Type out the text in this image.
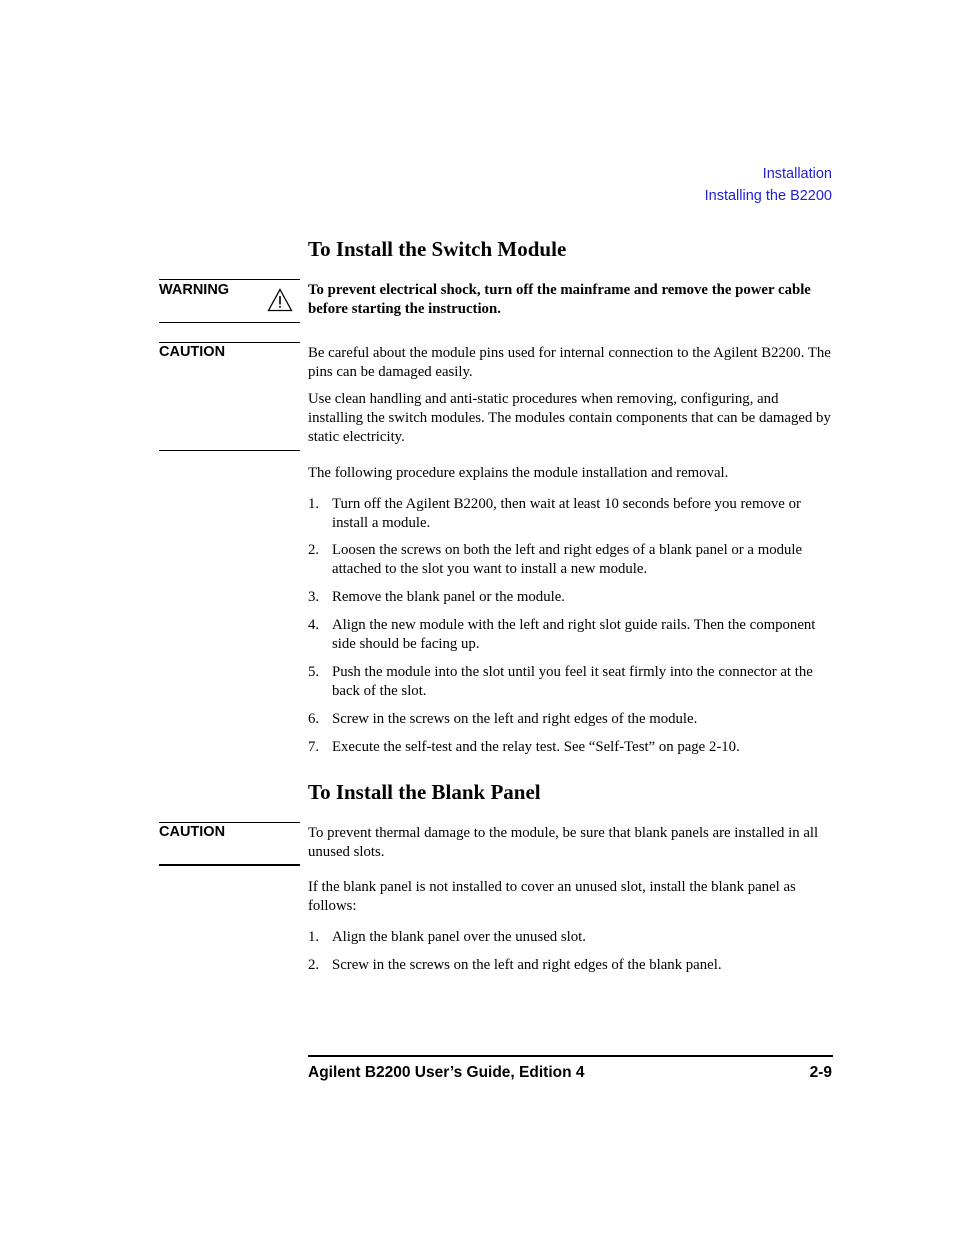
Installation
Installing the B2200
To Install the Switch Module
WARNING	To prevent electrical shock, turn off the mainframe and remove the power cable before starting the instruction.

CAUTION	Be careful about the module pins used for internal connection to the Agilent B2200. The pins can be damaged easily.

Use clean handling and anti-static procedures when removing, configuring, and installing the switch modules. The modules contain components that can be damaged by static electricity.

The following procedure explains the module installation and removal.

1. Turn off the Agilent B2200, then wait at least 10 seconds before you remove or install a module.
2. Loosen the screws on both the left and right edges of a blank panel or a module attached to the slot you want to install a new module.
3. Remove the blank panel or the module.
4. Align the new module with the left and right slot guide rails. Then the component side should be facing up.
5. Push the module into the slot until you feel it seat firmly into the connector at the back of the slot.
6. Screw in the screws on the left and right edges of the module.
7. Execute the self-test and the relay test. See “Self-Test” on page 2-10.
To Install the Blank Panel
CAUTION	To prevent thermal damage to the module, be sure that blank panels are installed in all unused slots.

If the blank panel is not installed to cover an unused slot, install the blank panel as follows:

1. Align the blank panel over the unused slot.
2. Screw in the screws on the left and right edges of the blank panel.
Agilent B2200 User’s Guide, Edition 4	2-9
